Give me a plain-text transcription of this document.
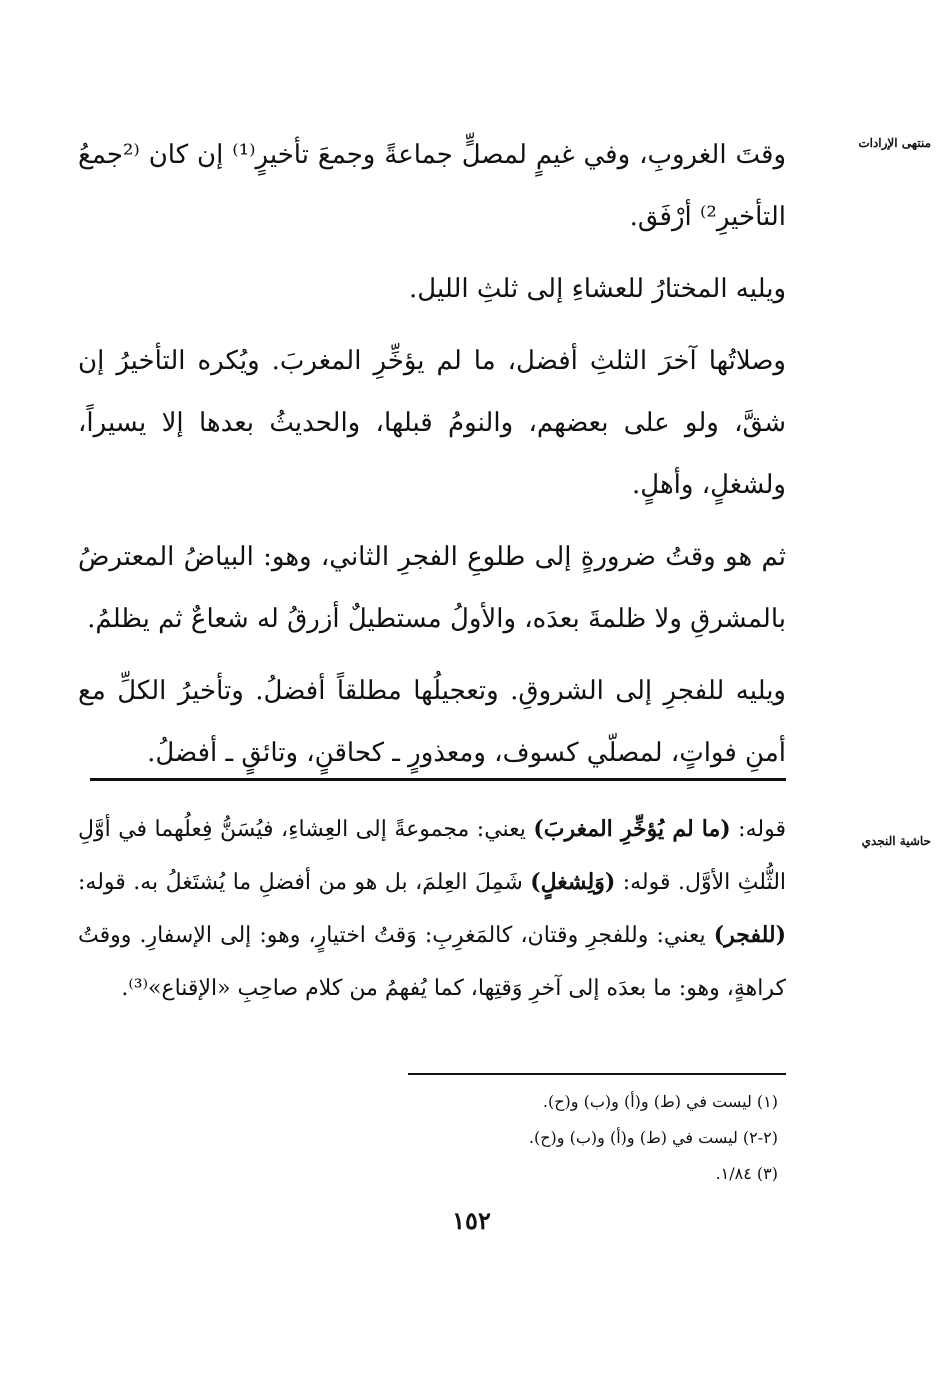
منتهى الإرادات
حاشية النجدي

وقتَ الغروبِ، وفي غيمٍ لمصلٍّ جماعةً وجمعَ تأخيرٍ⁽¹⁾ إن كان ⁽²جمعُ التأخيرِ²⁾ أرْفَق.

ويليه المختارُ للعشاءِ إلى ثلثِ الليل.

وصلاتُها آخرَ الثلثِ أفضل، ما لم يؤخِّرِ المغربَ. ويُكره التأخيرُ إن شقَّ، ولو على بعضهم، والنومُ قبلها، والحديثُ بعدها إلا يسيراً، ولشغلٍ، وأهلٍ.

ثم هو وقتُ ضرورةٍ إلى طلوعِ الفجرِ الثاني، وهو: البياضُ المعترضُ بالمشرقِ ولا ظلمةَ بعدَه، والأولُ مستطيلٌ أزرقُ له شعاعٌ ثم يظلمُ.

ويليه للفجرِ إلى الشروقِ. وتعجيلُها مطلقاً أفضلُ. وتأخيرُ الكلِّ مع أمنِ فواتٍ، لمصلّي كسوف، ومعذورٍ ـ كحاقنٍ، وتائقٍ ـ أفضلُ.

قوله: (ما لم يُؤخِّرِ المغربَ) يعني: مجموعةً إلى العِشاءِ، فيُسَنُّ فِعلُهما في أوَّلِ الثُّلثِ الأوَّل. قوله: (وَلِشغلٍ) شَمِلَ العِلمَ، بل هو من أفضلِ ما يُشتَغلُ به. قوله: (للفجر) يعني: وللفجرِ وقتان، كالمَغرِبِ: وَقتُ اختيارٍ، وهو: إلى الإسفارِ. ووقتُ كراهةٍ، وهو: ما بعدَه إلى آخرِ وَقتِها، كما يُفهمُ من كلام صاحِبِ «الإقناع»⁽³⁾.

(١) ليست في (ط) و(أ) و(ب) و(ح).
(٢-٢) ليست في (ط) و(أ) و(ب) و(ح).
(٣) ١/٨٤.
١٥٢
